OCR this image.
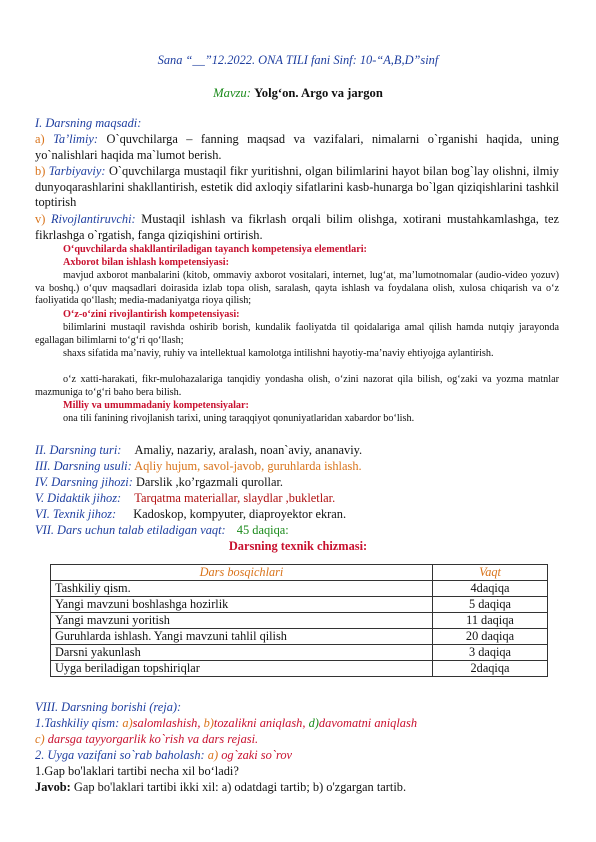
Sana “__”12.2022. ONA TILI fani Sinf: 10-“A,B,D”sinf
Mavzu: Yolg‘on. Argo va jargon
I. Darsning maqsadi:
a) Ta’limiy: O`quvchilarga – fanning maqsad va vazifalari, nimalarni o`rganishi haqida, uning yo`nalishlari haqida ma`lumot berish.
b) Tarbiyaviy: O`quvchilarga mustaqil fikr yuritishni, olgan bilimlarini hayot bilan bog`lay olishni, ilmiy dunyoqarashlarini shakllantirish, estetik did axloqiy sifatlarini kasb-hunarga bo`lgan qiziqishlarini tashkil toptirish
v) Rivojlantiruvchi: Mustaqil ishlash va fikrlash orqali bilim olishga, xotirani mustahkamlashga, tez fikrlashga o`rgatish, fanga qiziqishini ortirish.
O‘quvchilarda shakllantiriladigan tayanch kompetensiya elementlari:
Axborot bilan ishlash kompetensiyasi:
mavjud axborot manbalarini (kitob, ommaviy axborot vositalari, internet, lug‘at, ma’lumotnomalar (audio-video yozuv) va boshq.) o‘quv maqsadlari doirasida izlab topa olish, saralash, qayta ishlash va foydalana olish, xulosa chiqarish va o‘z faoliyatida qo‘llash; media-madaniyatga rioya qilish;
O‘z-o‘zini rivojlantirish kompetensiyasi:
bilimlarini mustaqil ravishda oshirib borish, kundalik faoliyatda til qoidalariga amal qilish hamda nutqiy jarayonda egallagan bilimlarni to‘g‘ri qo‘llash;
shaxs sifatida ma’naviy, ruhiy va intellektual kamolotga intilishni hayotiy-ma’naviy ehtiyojga aylantirish.
o‘z xatti-harakati, fikr-mulohazalariga tanqidiy yondasha olish, o‘zini nazorat qila bilish, og‘zaki va yozma matnlar mazmuniga to‘g‘ri baho bera bilish.
Milliy va umummadaniy kompetensiyalar:
ona tili fanining rivojlanish tarixi, uning taraqqiyot qonuniyatlaridan xabardor bo‘lish.
II. Darsning turi: Amaliy, nazariy, aralash, noan`aviy, ananaviy.
III. Darsning usuli: Aqliy hujum, savol-javob, guruhlarda ishlash.
IV. Darsning jihozi: Darslik ,ko’rgazmali qurollar.
V. Didaktik jihoz: Tarqatma materiallar, slaydlar ,bukletlar.
VI. Texnik jihoz: Kadoskop, kompyuter, diaproyektor ekran.
VII. Dars uchun talab etiladigan vaqt: 45 daqiqa:
Darsning texnik chizmasi:
Dars bosqichlari	Vaqt
Tashkiliy qism.	4daqiqa
Yangi mavzuni boshlashga hozirlik	5 daqiqa
Yangi mavzuni yoritish	11 daqiqa
Guruhlarda ishlash. Yangi mavzuni tahlil qilish	20 daqiqa
Darsni yakunlash	3 daqiqa
Uyga beriladigan topshiriqlar	2daqiqa
VIII. Darsning borishi (reja):
1.Tashkiliy qism: a)salomlashish, b)tozalikni aniqlash, d)davomatni aniqlash
c) darsga tayyorgarlik ko`rish va dars rejasi.
2. Uyga vazifani so`rab baholash: a) og`zaki so`rov
1.Gap bo'laklari tartibi necha xil bo‘ladi?
Javob: Gap bo'laklari tartibi ikki xil: a) odatdagi tartib; b) o'zgargan tartib.
